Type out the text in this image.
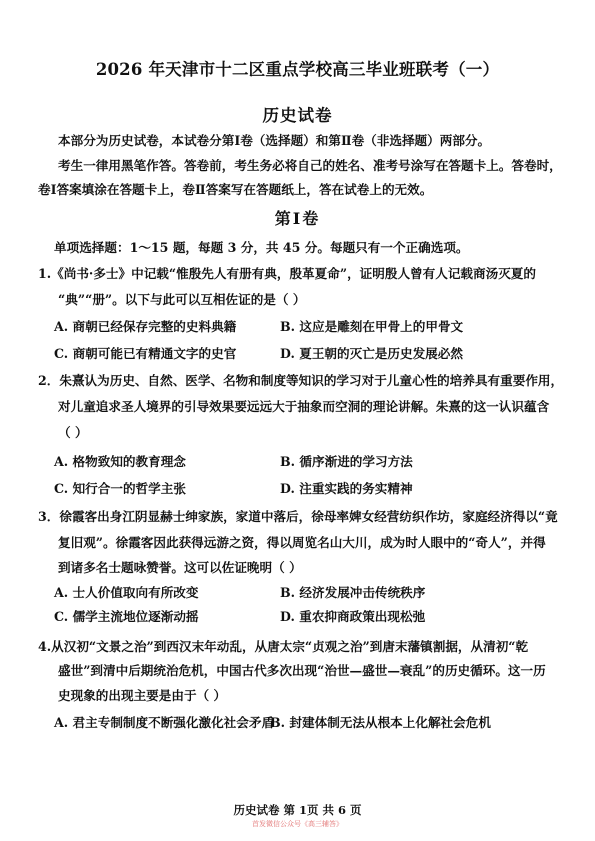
2026 年天津市十二区重点学校高三毕业班联考（一）
历史试卷
本部分为历史试卷，本试卷分第Ⅰ卷（选择题）和第Ⅱ卷（非选择题）两部分。
考生一律用黑笔作答。答卷前，考生务必将自己的姓名、准考号涂写在答题卡上。答卷时，
卷Ⅰ答案填涂在答题卡上，卷Ⅱ答案写在答题纸上，答在试卷上的无效。
第Ⅰ卷
单项选择题：1～15 题，每题 3 分，共 45 分。每题只有一个正确选项。
1.《尚书·多士》中记载“惟殷先人有册有典，殷革夏命”，证明殷人曾有人记载商汤灭夏的
“典”“册”。以下与此可以互相佐证的是（ ）
A. 商朝已经保存完整的史料典籍	B. 这应是雕刻在甲骨上的甲骨文
C. 商朝可能已有精通文字的史官	D. 夏王朝的灭亡是历史发展必然
2．朱熹认为历史、自然、医学、名物和制度等知识的学习对于儿童心性的培养具有重要作用，
对儿童追求圣人境界的引导效果要远远大于抽象而空洞的理论讲解。朱熹的这一认识蕴含
（ ）
A. 格物致知的教育理念	B. 循序渐进的学习方法
C. 知行合一的哲学主张	D. 注重实践的务实精神
3．徐霞客出身江阴显赫士绅家族，家道中落后，徐母率婢女经营纺织作坊，家庭经济得以“竟
复旧观”。徐霞客因此获得远游之资，得以周览名山大川，成为时人眼中的“奇人”，并得
到诸多名士题咏赞誉。这可以佐证晚明（ ）
A. 士人价值取向有所改变	B. 经济发展冲击传统秩序
C. 儒学主流地位逐渐动摇	D. 重农抑商政策出现松弛
4.从汉初“文景之治”到西汉末年动乱，从唐太宗“贞观之治”到唐末藩镇割据，从清初“乾
盛世”到清中后期统治危机，中国古代多次出现“治世—盛世—衰乱”的历史循环。这一历
史现象的出现主要是由于（ ）
A. 君主专制制度不断强化激化社会矛盾
B. 封建体制无法从根本上化解社会危机
历史试卷 第 1页 共 6 页
首发微信公众号《高三辅答》
